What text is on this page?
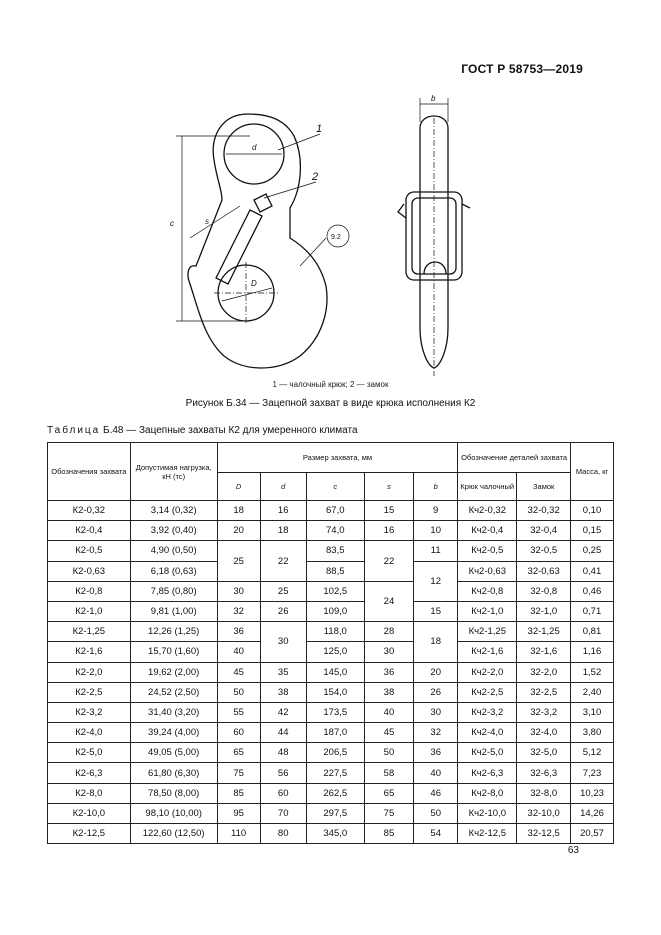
ГОСТ Р 58753—2019
1
2
d
D
c	s
b
9.2
1 — чалочный крюк; 2 — замок
Рисунок Б.34 — Зацепной захват в виде крюка исполнения К2
Таблица Б.48 — Зацепные захваты К2 для умеренного климата
Обозначения захвата	Допустимая нагрузка, кН (тс)	Размер захвата, мм					Обозначение деталей захвата		Масса, кг
		D	d	c	s	b	Крюк чалочный	Замок	
К2-0,32	3,14 (0,32)	18	16	67,0	15	9	Кч2-0,32	32-0,32	0,10
К2-0,4	3,92 (0,40)	20	18	74,0	16	10	Кч2-0,4	32-0,4	0,15
К2-0,5	4,90 (0,50)	25	22	83,5	22	11	Кч2-0,5	32-0,5	0,25
К2-0,63	6,18 (0,63)			88,5		12	Кч2-0,63	32-0,63	0,41
К2-0,8	7,85 (0,80)	30	25	102,5	24		Кч2-0,8	32-0,8	0,46
К2-1,0	9,81 (1,00)	32	26	109,0		15	Кч2-1,0	32-1,0	0,71
К2-1,25	12,26 (1,25)	36	30	118,0	28	18	Кч2-1,25	32-1,25	0,81
К2-1,6	15,70 (1,60)	40		125,0	30		Кч2-1,6	32-1,6	1,16
К2-2,0	19,62 (2,00)	45	35	145,0	36	20	Кч2-2,0	32-2,0	1,52
К2-2,5	24,52 (2,50)	50	38	154,0	38	26	Кч2-2,5	32-2,5	2,40
К2-3,2	31,40 (3,20)	55	42	173,5	40	30	Кч2-3,2	32-3,2	3,10
К2-4,0	39,24 (4,00)	60	44	187,0	45	32	Кч2-4,0	32-4,0	3,80
К2-5,0	49,05 (5,00)	65	48	206,5	50	36	Кч2-5,0	32-5,0	5,12
К2-6,3	61,80 (6,30)	75	56	227,5	58	40	Кч2-6,3	32-6,3	7,23
К2-8,0	78,50 (8,00)	85	60	262,5	65	46	Кч2-8,0	32-8,0	10,23
К2-10,0	98,10 (10,00)	95	70	297,5	75	50	Кч2-10,0	32-10,0	14,26
К2-12,5	122,60 (12,50)	110	80	345,0	85	54	Кч2-12,5	32-12,5	20,57
63
